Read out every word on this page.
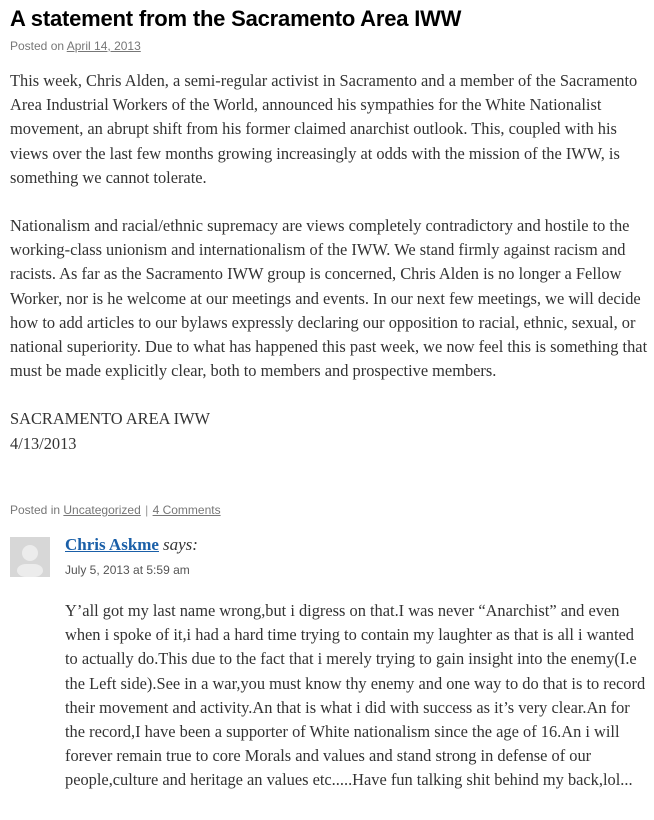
A statement from the Sacramento Area IWW
Posted on April 14, 2013

This week, Chris Alden, a semi-regular activist in Sacramento and a member of the Sacramento Area Industrial Workers of the World, announced his sympathies for the White Nationalist movement, an abrupt shift from his former claimed anarchist outlook. This, coupled with his views over the last few months growing increasingly at odds with the mission of the IWW, is something we cannot tolerate.

Nationalism and racial/ethnic supremacy are views completely contradictory and hostile to the working-class unionism and internationalism of the IWW. We stand firmly against racism and racists. As far as the Sacramento IWW group is concerned, Chris Alden is no longer a Fellow Worker, nor is he welcome at our meetings and events. In our next few meetings, we will decide how to add articles to our bylaws expressly declaring our opposition to racial, ethnic, sexual, or national superiority. Due to what has happened this past week, we now feel this is something that must be made explicitly clear, both to members and prospective members.

SACRAMENTO AREA IWW

4/13/2013

Posted in Uncategorized | 4 Comments
Chris Askme says:
July 5, 2013 at 5:59 am

Y’all got my last name wrong,but i digress on that.I was never “Anarchist” and even when i spoke of it,i had a hard time trying to contain my laughter as that is all i wanted to actually do.This due to the fact that i merely trying to gain insight into the enemy(I.e the Left side).See in a war,you must know thy enemy and one way to do that is to record their movement and activity.An that is what i did with success as it’s very clear.An for the record,I have been a supporter of White nationalism since the age of 16.An i will forever remain true to core Morals and values and stand strong in defense of our people,culture and heritage an values etc.....Have fun talking shit behind my back,lol...
